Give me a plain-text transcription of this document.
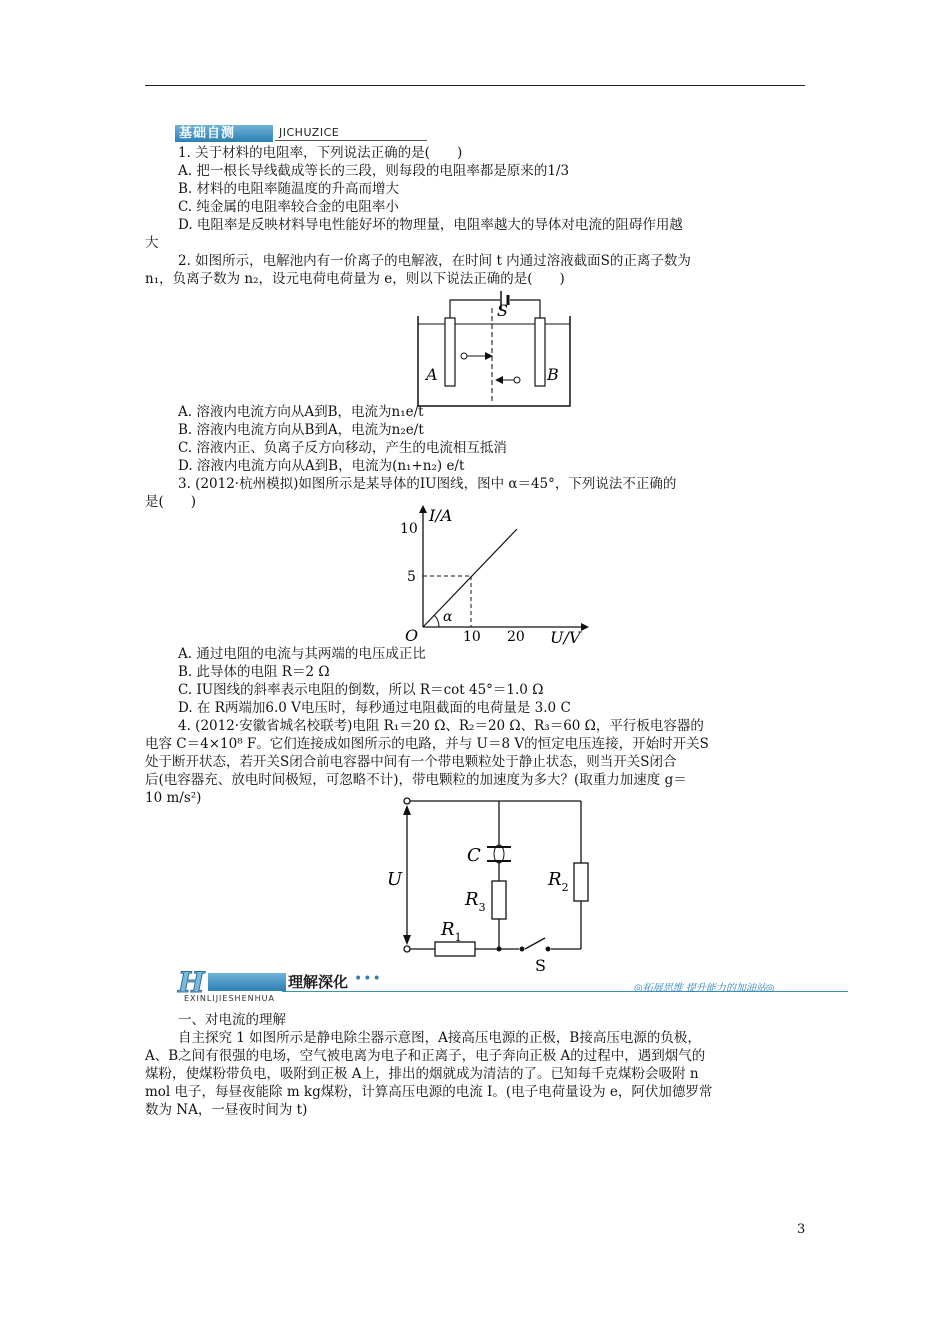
基础自测	JICHUZICE
1. 关于材料的电阻率，下列说法正确的是(　　)
A. 把一根长导线截成等长的三段，则每段的电阻率都是原来的1/3
B. 材料的电阻率随温度的升高而增大
C. 纯金属的电阻率较合金的电阻率小
D. 电阻率是反映材料导电性能好坏的物理量，电阻率越大的导体对电流的阻碍作用越
大
2. 如图所示，电解池内有一价离子的电解液，在时间 t 内通过溶液截面S的正离子数为
n₁，负离子数为 n₂，设元电荷电荷量为 e，则以下说法正确的是(　　)
S
A	B
A. 溶液内电流方向从A到B，电流为n₁e/t
B. 溶液内电流方向从B到A，电流为n₂e/t
C. 溶液内正、负离子反方向移动，产生的电流相互抵消
D. 溶液内电流方向从A到B，电流为(n₁+n₂) e/t
3. (2012·杭州模拟)如图所示是某导体的IU图线，图中 α＝45°，下列说法不正确的
是(　　)
I/A
10
5
O	10 20 U/V
α
A. 通过电阻的电流与其两端的电压成正比
B. 此导体的电阻 R＝2 Ω
C. IU图线的斜率表示电阻的倒数，所以 R＝cot 45°＝1.0 Ω
D. 在 R两端加6.0 V电压时，每秒通过电阻截面的电荷量是 3.0 C
4. (2012·安徽省城名校联考)电阻 R₁＝20 Ω、R₂＝20 Ω、R₃＝60 Ω，平行板电容器的
电容 C＝4×10⁸ F。它们连接成如图所示的电路，并与 U＝8 V的恒定电压连接，开始时开关S
处于断开状态，若开关S闭合前电容器中间有一个带电颗粒处于静止状态，则当开关S闭合
后(电容器充、放电时间极短，可忽略不计)，带电颗粒的加速度为多大？(取重力加速度 g＝
10 m/s²)
U
C
$R_3$
$R_2$
$R_1$
S
H	理解深化 •••
◎拓展思维 提升能力的加油站◎
EXINLIJIESHENHUA
一、对电流的理解
自主探究 1 如图所示是静电除尘器示意图，A接高压电源的正极，B接高压电源的负极，
A、B之间有很强的电场，空气被电离为电子和正离子，电子奔向正极 A的过程中，遇到烟气的
煤粉，使煤粉带负电，吸附到正极 A上，排出的烟就成为清洁的了。已知每千克煤粉会吸附 n
mol 电子，每昼夜能除 m kg煤粉，计算高压电源的电流 I。(电子电荷量设为 e，阿伏加德罗常
数为 NA，一昼夜时间为 t)
3
